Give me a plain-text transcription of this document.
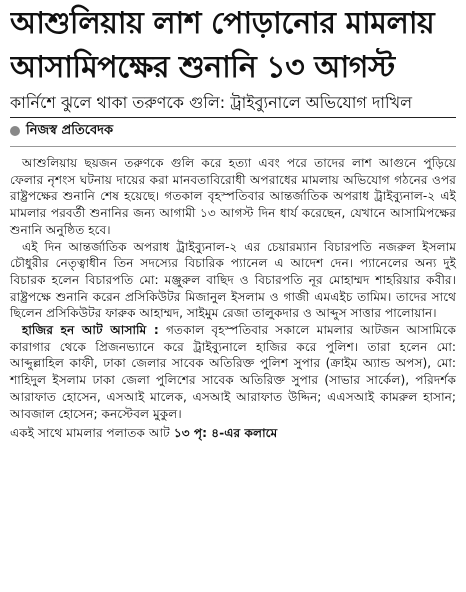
আশুলিয়ায় লাশ পোড়ানোর মামলায়
আসামিপক্ষের শুনানি ১৩ আগস্ট
কার্নিশে ঝুলে থাকা তরুণকে গুলি: ট্রাইব্যুনালে অভিযোগ দাখিল
নিজস্ব প্রতিবেদক

আশুলিয়ায় ছয়জন তরুণকে গুলি করে হত্যা এবং পরে তাদের লাশ আগুনে পুড়িয়ে ফেলার নৃশংস ঘটনায় দায়ের করা মানবতাবিরোধী অপরাধের মামলায় অভিযোগ গঠনের ওপর রাষ্ট্রপক্ষের শুনানি শেষ হয়েছে। গতকাল বৃহস্পতিবার আন্তর্জাতিক অপরাধ ট্রাইব্যুনাল-২ এই মামলার পরবর্তী শুনানির জন্য আগামী ১৩ আগস্ট দিন ধার্য করেছেন, যেখানে আসামিপক্ষের শুনানি অনুষ্ঠিত হবে।

এই দিন আন্তর্জাতিক অপরাধ ট্রাইব্যুনাল-২ এর চেয়ারম্যান বিচারপতি নজরুল ইসলাম চৌধুরীর নেতৃত্বাধীন তিন সদস্যের বিচারিক প্যানেল এ আদেশ দেন। প্যানেলের অন্য দুই বিচারক হলেন বিচারপতি মো: মঞ্জুরুল বাছিদ ও বিচারপতি নূর মোহাম্মদ শাহরিয়ার কবীর। রাষ্ট্রপক্ষে শুনানি করেন প্রসিকিউটর মিজানুল ইসলাম ও গাজী এমএইচ তামিম। তাদের সাথে ছিলেন প্রসিকিউটর ফারুক আহাম্মদ, সাইমুম রেজা তালুকদার ও আব্দুস সাত্তার পালোয়ান।

হাজির হন আট আসামি : গতকাল বৃহস্পতিবার সকালে মামলার আটজন আসামিকে কারাগার থেকে প্রিজনভ্যানে করে ট্রাইব্যুনালে হাজির করে পুলিশ। তারা হলেন মো: আব্দুল্লাহিল কাফী, ঢাকা জেলার সাবেক অতিরিক্ত পুলিশ সুপার (ক্রাইম অ্যান্ড অপস), মো: শাহিদুল ইসলাম ঢাকা জেলা পুলিশের সাবেক অতিরিক্ত সুপার (সাভার সার্কেল), পরিদর্শক আরাফাত হোসেন, এসআই মালেক, এসআই আরাফাত উদ্দিন; এএসআই কামরুল হাসান; আবজাল হোসেন; কনস্টেবল মুকুল।

একই সাথে মামলার পলাতক আট ১৩ পৃ: ৪-এর কলামে
